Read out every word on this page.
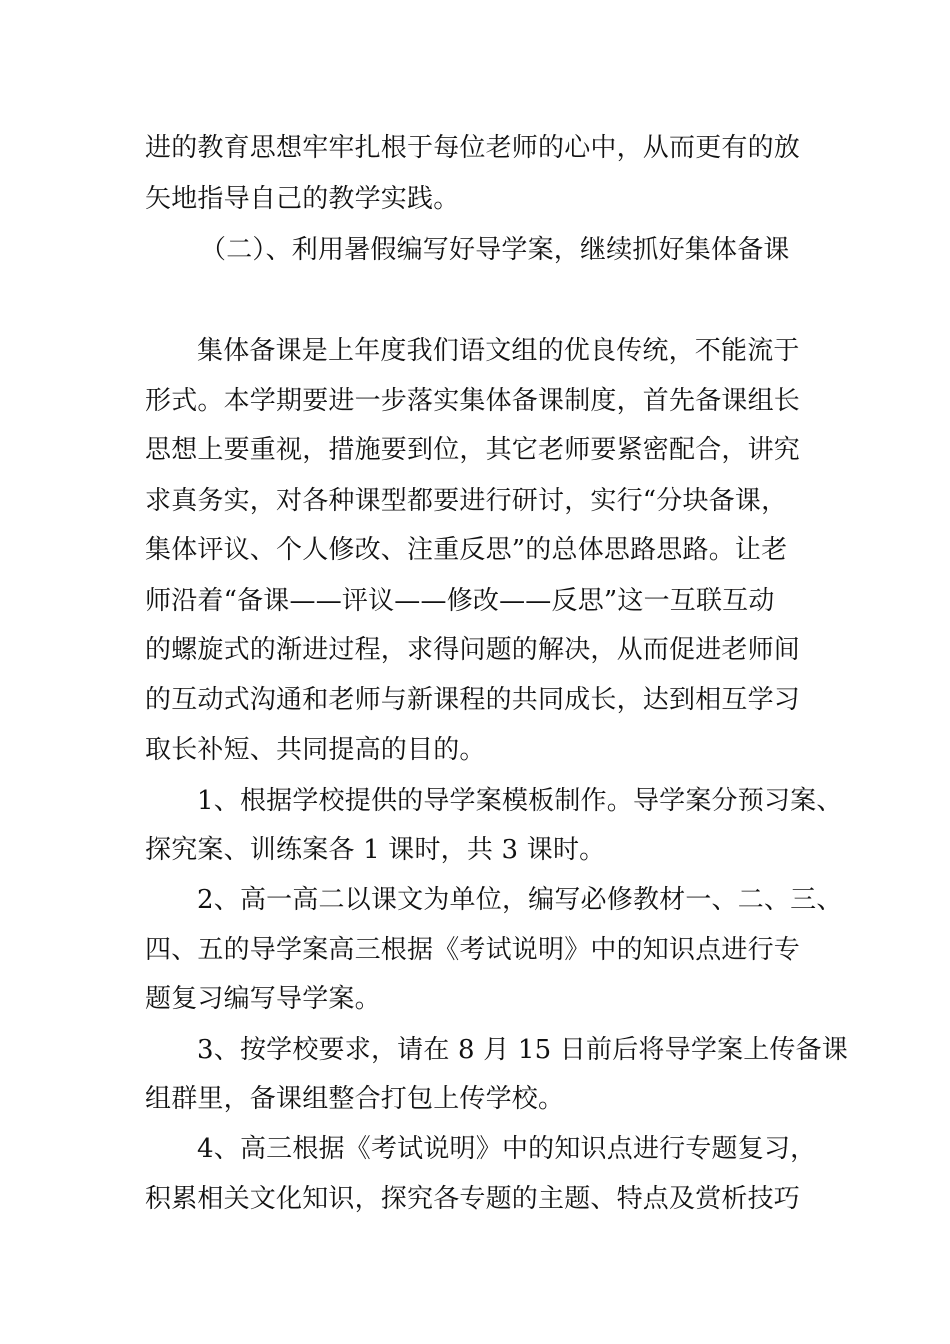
进的教育思想牢牢扎根于每位老师的心中，从而更有的放
矢地指导自己的教学实践。
（二）、利用暑假编写好导学案，继续抓好集体备课
集体备课是上年度我们语文组的优良传统，不能流于
形式。本学期要进一步落实集体备课制度，首先备课组长
思想上要重视，措施要到位，其它老师要紧密配合，讲究
求真务实，对各种课型都要进行研讨，实行“分块备课，
集体评议、个人修改、注重反思”的总体思路思路。让老
师沿着“备课——评议——修改——反思”这一互联互动
的螺旋式的渐进过程，求得问题的解决，从而促进老师间
的互动式沟通和老师与新课程的共同成长，达到相互学习
取长补短、共同提高的目的。
1、根据学校提供的导学案模板制作。导学案分预习案、
探究案、训练案各 1 课时，共 3 课时。
2、高一高二以课文为单位，编写必修教材一、二、三、
四、五的导学案高三根据《考试说明》中的知识点进行专
题复习编写导学案。
3、按学校要求，请在 8 月 15 日前后将导学案上传备课
组群里，备课组整合打包上传学校。
4、高三根据《考试说明》中的知识点进行专题复习，
积累相关文化知识，探究各专题的主题、特点及赏析技巧
